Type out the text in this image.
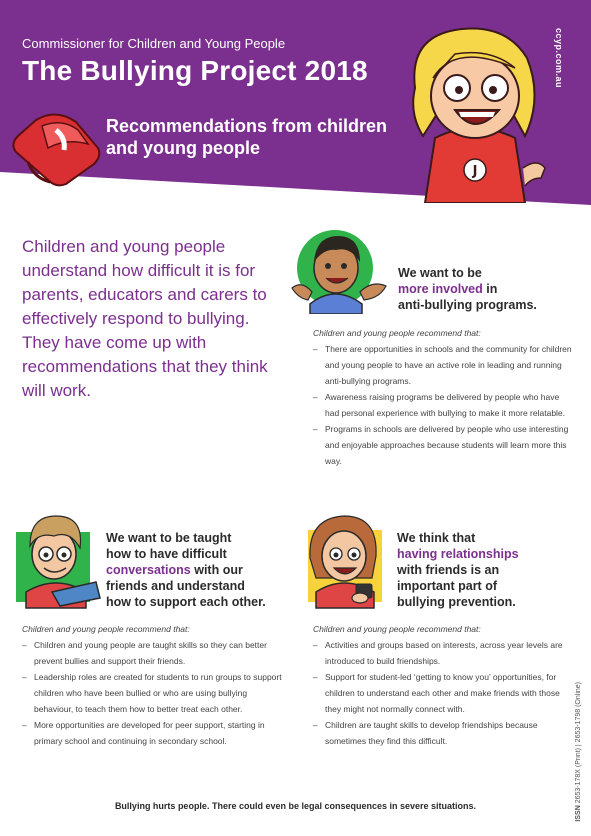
Commissioner for Children and Young People
The Bullying Project 2018
Recommendations from children and young people
ccyp.com.au
J
Children and young people understand how difficult it is for parents, educators and carers to effectively respond to bullying. They have come up with recommendations that they think will work.
We want to be
more involved in
anti-bullying programs.
Children and young people recommend that:
– There are opportunities in schools and the community for children and young people to have an active role in leading and running anti-bullying programs.
– Awareness raising programs be delivered by people who have had personal experience with bullying to make it more relatable.
– Programs in schools are delivered by people who use interesting and enjoyable approaches because students will learn more this way.
We want to be taught
how to have difficult
conversations with our
friends and understand
how to support each other.
Children and young people recommend that:
– Children and young people are taught skills so they can better prevent bullies and support their friends.
– Leadership roles are created for students to run groups to support children who have been bullied or who are using bullying behaviour, to teach them how to better treat each other.
– More opportunities are developed for peer support, starting in primary school and continuing in secondary school.
We think that
having relationships
with friends is an
important part of
bullying prevention.
Children and young people recommend that:
– Activities and groups based on interests, across year levels are introduced to build friendships.
– Support for student-led ‘getting to know you’ opportunities, for children to understand each other and make friends with those they might not normally connect with.
– Children are taught skills to develop friendships because sometimes they find this difficult.
Bullying hurts people. There could even be legal consequences in severe situations.	ISSN 2653-178X (Print) | 2653-1798 (Online)
